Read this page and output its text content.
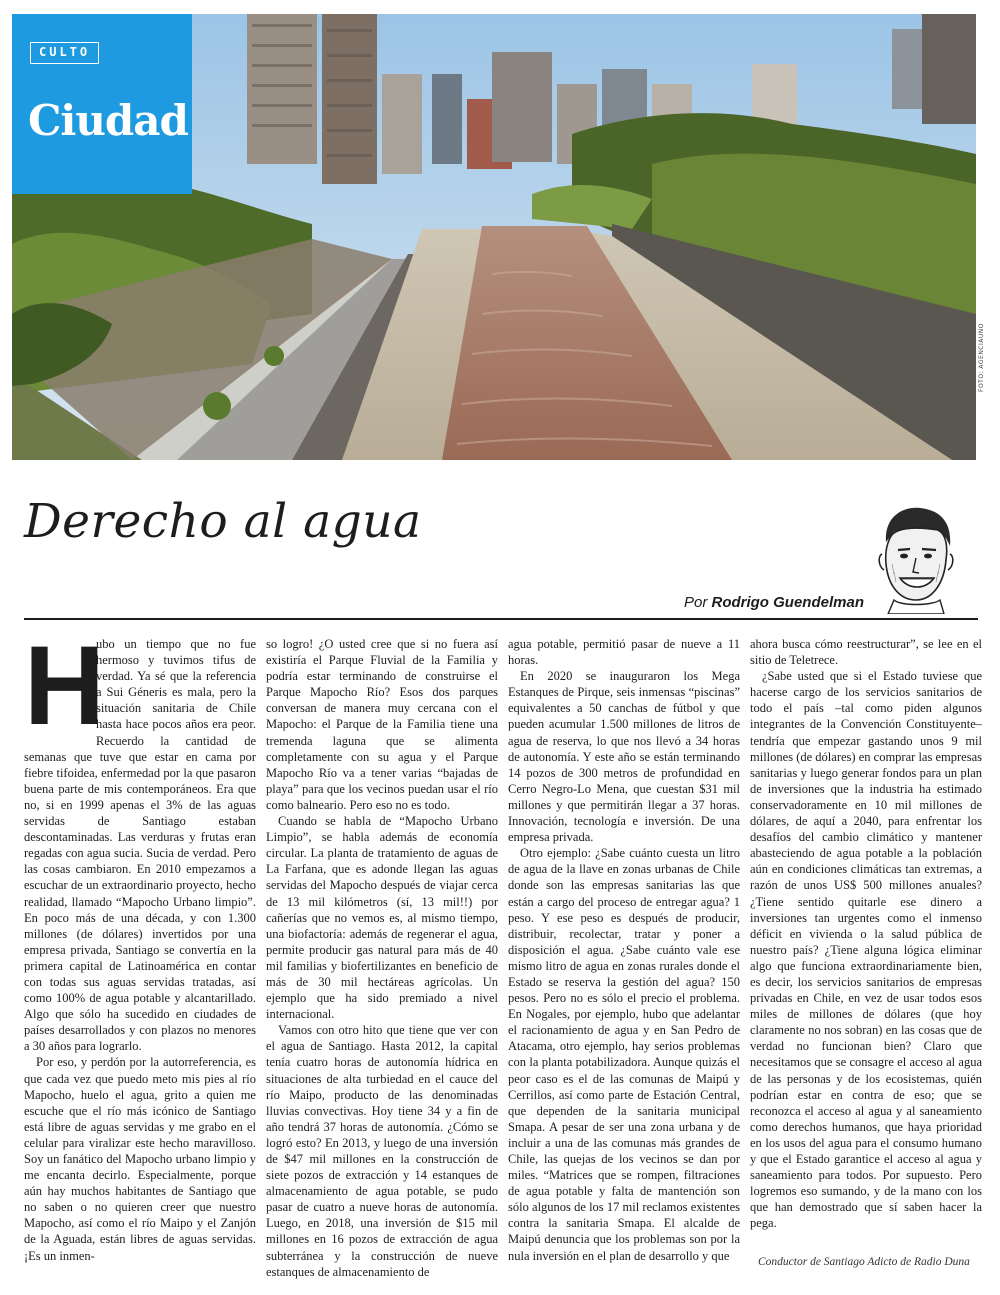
FOTO: AGENCIAUNO
CULTO
Ciudad
Derecho al agua
Por Rodrigo Guendelman
H

ubo un tiempo que no fue hermoso y tuvimos tifus de verdad. Ya sé que la referencia a Sui Géneris es mala, pero la situación sanitaria de Chile hasta hace pocos años era peor. Recuerdo la cantidad de semanas que tuve que estar en cama por fiebre tifoidea, enfermedad por la que pasaron buena parte de mis contemporáneos. Era que no, si en 1999 apenas el 3% de las aguas servidas de Santiago estaban descontaminadas. Las verduras y frutas eran regadas con agua sucia. Sucia de verdad. Pero las cosas cambiaron. En 2010 empezamos a escuchar de un extraordinario proyecto, hecho realidad, llamado “Mapocho Urbano limpio”. En poco más de una década, y con 1.300 millones (de dólares) invertidos por una empresa privada, Santiago se convertía en la primera capital de Latinoamérica en contar con todas sus aguas servidas tratadas, así como 100% de agua potable y alcantarillado. Algo que sólo ha sucedido en ciudades de países desarrollados y con plazos no menores a 30 años para lograrlo.

Por eso, y perdón por la autorreferencia, es que cada vez que puedo meto mis pies al río Mapocho, huelo el agua, grito a quien me escuche que el río más icónico de Santiago está libre de aguas servidas y me grabo en el celular para viralizar este hecho maravilloso. Soy un fanático del Mapocho urbano limpio y me encanta decirlo. Especialmente, porque aún hay muchos habitantes de Santiago que no saben o no quieren creer que nuestro Mapocho, así como el río Maipo y el Zanjón de la Aguada, están libres de aguas servidas. ¡Es un inmen-

so logro! ¿O usted cree que si no fuera así existiría el Parque Fluvial de la Familia y podría estar terminando de construirse el Parque Mapocho Río? Esos dos parques conversan de manera muy cercana con el Mapocho: el Parque de la Familia tiene una tremenda laguna que se alimenta completamente con su agua y el Parque Mapocho Río va a tener varias “bajadas de playa” para que los vecinos puedan usar el río como balneario. Pero eso no es todo.

Cuando se habla de “Mapocho Urbano Limpio”, se habla además de economía circular. La planta de tratamiento de aguas de La Farfana, que es adonde llegan las aguas servidas del Mapocho después de viajar cerca de 13 mil kilómetros (sí, 13 mil!!) por cañerías que no vemos es, al mismo tiempo, una biofactoría: además de regenerar el agua, permite producir gas natural para más de 40 mil familias y biofertilizantes en beneficio de más de 30 mil hectáreas agrícolas. Un ejemplo que ha sido premiado a nivel internacional.

Vamos con otro hito que tiene que ver con el agua de Santiago. Hasta 2012, la capital tenía cuatro horas de autonomía hídrica en situaciones de alta turbiedad en el cauce del río Maipo, producto de las denominadas lluvias convectivas. Hoy tiene 34 y a fin de año tendrá 37 horas de autonomía. ¿Cómo se logró esto? En 2013, y luego de una inversión de $47 mil millones en la construcción de siete pozos de extracción y 14 estanques de almacenamiento de agua potable, se pudo pasar de cuatro a nueve horas de autonomía. Luego, en 2018, una inversión de $15 mil millones en 16 pozos de extracción de agua subterránea y la construcción de nueve estanques de almacenamiento de

agua potable, permitió pasar de nueve a 11 horas.

En 2020 se inauguraron los Mega Estanques de Pirque, seis inmensas “piscinas” equivalentes a 50 canchas de fútbol y que pueden acumular 1.500 millones de litros de agua de reserva, lo que nos llevó a 34 horas de autonomía. Y este año se están terminando 14 pozos de 300 metros de profundidad en Cerro Negro-Lo Mena, que cuestan $31 mil millones y que permitirán llegar a 37 horas. Innovación, tecnología e inversión. De una empresa privada.

Otro ejemplo: ¿Sabe cuánto cuesta un litro de agua de la llave en zonas urbanas de Chile donde son las empresas sanitarias las que están a cargo del proceso de entregar agua? 1 peso. Y ese peso es después de producir, distribuir, recolectar, tratar y poner a disposición el agua. ¿Sabe cuánto vale ese mismo litro de agua en zonas rurales donde el Estado se reserva la gestión del agua? 150 pesos. Pero no es sólo el precio el problema. En Nogales, por ejemplo, hubo que adelantar el racionamiento de agua y en San Pedro de Atacama, otro ejemplo, hay serios problemas con la planta potabilizadora. Aunque quizás el peor caso es el de las comunas de Maipú y Cerrillos, así como parte de Estación Central, que dependen de la sanitaria municipal Smapa. A pesar de ser una zona urbana y de incluir a una de las comunas más grandes de Chile, las quejas de los vecinos se dan por miles. “Matrices que se rompen, filtraciones de agua potable y falta de mantención son sólo algunos de los 17 mil reclamos existentes contra la sanitaria Smapa. El alcalde de Maipú denuncia que los problemas son por la nula inversión en el plan de desarrollo y que

ahora busca cómo reestructurar”, se lee en el sitio de Teletrece.

¿Sabe usted que si el Estado tuviese que hacerse cargo de los servicios sanitarios de todo el país –tal como piden algunos integrantes de la Convención Constituyente– tendría que empezar gastando unos 9 mil millones (de dólares) en comprar las empresas sanitarias y luego generar fondos para un plan de inversiones que la industria ha estimado conservadoramente en 10 mil millones de dólares, de aquí a 2040, para enfrentar los desafíos del cambio climático y mantener abasteciendo de agua potable a la población aún en condiciones climáticas tan extremas, a razón de unos US$ 500 millones anuales? ¿Tiene sentido quitarle ese dinero a inversiones tan urgentes como el inmenso déficit en vivienda o la salud pública de nuestro país? ¿Tiene alguna lógica eliminar algo que funciona extraordinariamente bien, es decir, los servicios sanitarios de empresas privadas en Chile, en vez de usar todos esos miles de millones de dólares (que hoy claramente no nos sobran) en las cosas que de verdad no funcionan bien? Claro que necesitamos que se consagre el acceso al agua de las personas y de los ecosistemas, quién podrían estar en contra de eso; que se reconozca el acceso al agua y al saneamiento como derechos humanos, que haya prioridad en los usos del agua para el consumo humano y que el Estado garantice el acceso al agua y saneamiento para todos. Por supuesto. Pero logremos eso sumando, y de la mano con los que han demostrado que sí saben hacer la pega.

Conductor de Santiago Adicto de Radio Duna
